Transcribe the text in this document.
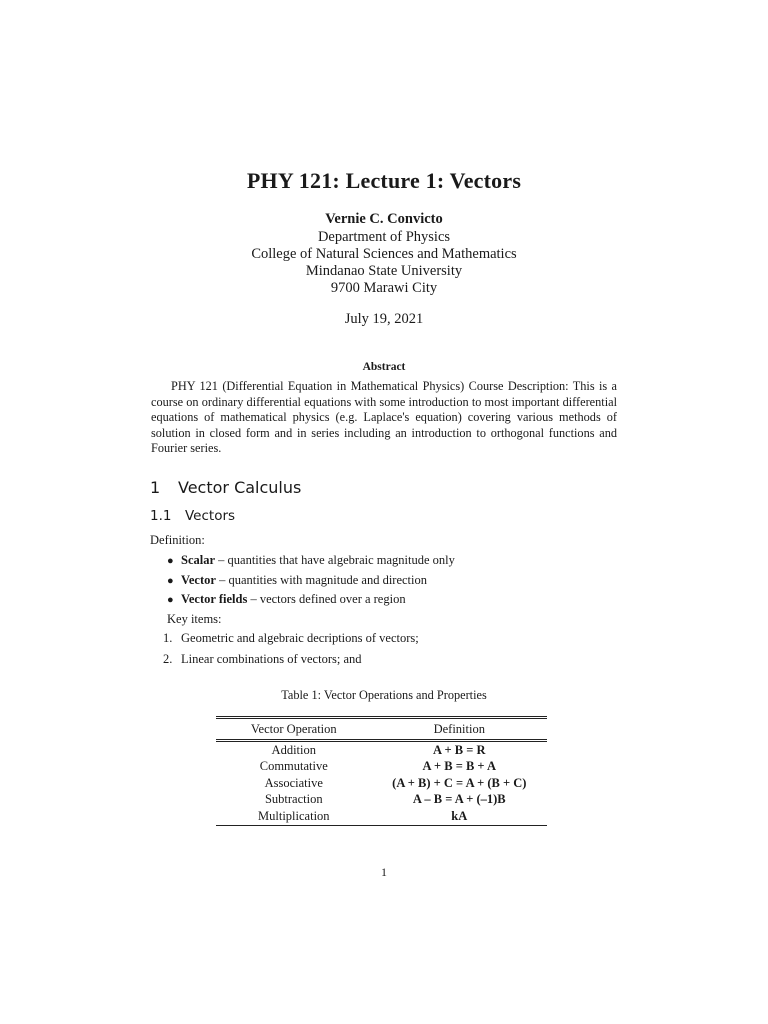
PHY 121: Lecture 1: Vectors
Vernie C. Convicto
Department of Physics
College of Natural Sciences and Mathematics
Mindanao State University
9700 Marawi City
July 19, 2021
Abstract
PHY 121 (Differential Equation in Mathematical Physics) Course Description: This is a course on ordinary differential equations with some introduction to most important differential equations of mathematical physics (e.g. Laplace's equation) covering various methods of solution in closed form and in series including an introduction to orthogonal functions and Fourier series.
1 Vector Calculus
1.1 Vectors
Definition:
● Scalar – quantities that have algebraic magnitude only
● Vector – quantities with magnitude and direction
● Vector fields – vectors defined over a region
Key items:
1. Geometric and algebraic decriptions of vectors;
2. Linear combinations of vectors; and
Table 1: Vector Operations and Properties
Vector Operation	Definition
Addition	A + B = R
Commutative	A + B = B + A
Associative	(A + B) + C = A + (B + C)
Subtraction	A – B = A + (–1)B
Multiplication	kA
1
